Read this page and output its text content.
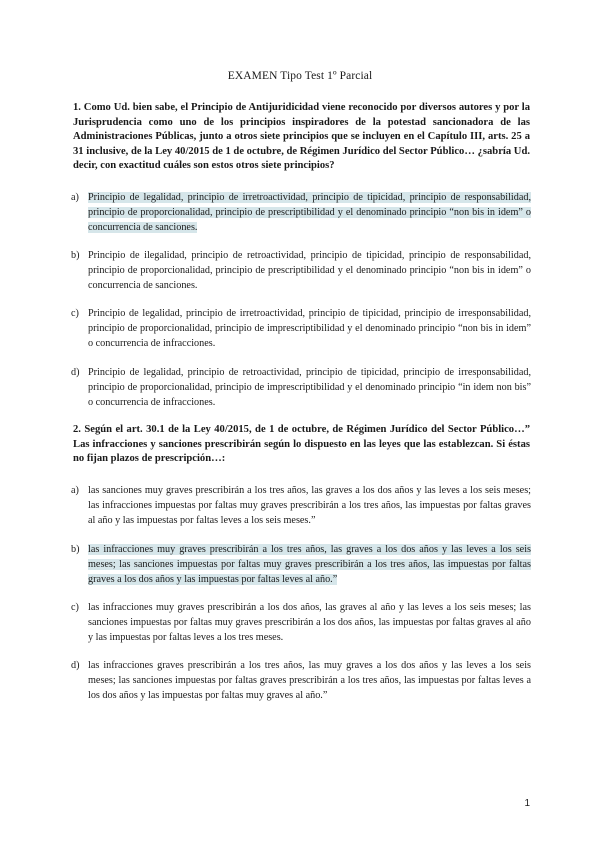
EXAMEN Tipo Test 1º Parcial
1. Como Ud. bien sabe, el Principio de Antijuridicidad viene reconocido por diversos autores y por la Jurisprudencia como uno de los principios inspiradores de la potestad sancionadora de las Administraciones Públicas, junto a otros siete principios que se incluyen en el Capítulo III, arts. 25 a 31 inclusive, de la Ley 40/2015 de 1 de octubre, de Régimen Jurídico del Sector Público… ¿sabría Ud. decir, con exactitud cuáles son estos otros siete principios?
a) Principio de legalidad, principio de irretroactividad, principio de tipicidad, principio de responsabilidad, principio de proporcionalidad, principio de prescriptibilidad y el denominado principio “non bis in idem” o concurrencia de sanciones.
b) Principio de ilegalidad, principio de retroactividad, principio de tipicidad, principio de responsabilidad, principio de proporcionalidad, principio de prescriptibilidad y el denominado principio “non bis in idem” o concurrencia de sanciones.
c) Principio de legalidad, principio de irretroactividad, principio de tipicidad, principio de irresponsabilidad, principio de proporcionalidad, principio de imprescriptibilidad y el denominado principio “non bis in idem” o concurrencia de infracciones.
d) Principio de legalidad, principio de retroactividad, principio de tipicidad, principio de irresponsabilidad, principio de proporcionalidad, principio de imprescriptibilidad y el denominado principio “in idem non bis” o concurrencia de infracciones.
2. Según el art. 30.1 de la Ley 40/2015, de 1 de octubre, de Régimen Jurídico del Sector Público…” Las infracciones y sanciones prescribirán según lo dispuesto en las leyes que las establezcan. Si éstas no fijan plazos de prescripción…:
a) las sanciones muy graves prescribirán a los tres años, las graves a los dos años y las leves a los seis meses; las infracciones impuestas por faltas muy graves prescribirán a los tres años, las impuestas por faltas graves al año y las impuestas por faltas leves a los seis meses.”
b) las infracciones muy graves prescribirán a los tres años, las graves a los dos años y las leves a los seis meses; las sanciones impuestas por faltas muy graves prescribirán a los tres años, las impuestas por faltas graves a los dos años y las impuestas por faltas leves al año.”
c) las infracciones muy graves prescribirán a los dos años, las graves al año y las leves a los seis meses; las sanciones impuestas por faltas muy graves prescribirán a los dos años, las impuestas por faltas graves al año y las impuestas por faltas leves a los tres meses.
d) las infracciones graves prescribirán a los tres años, las muy graves a los dos años y las leves a los seis meses; las sanciones impuestas por faltas graves prescribirán a los tres años, las impuestas por faltas leves a los dos años y las impuestas por faltas muy graves al año.”
1
